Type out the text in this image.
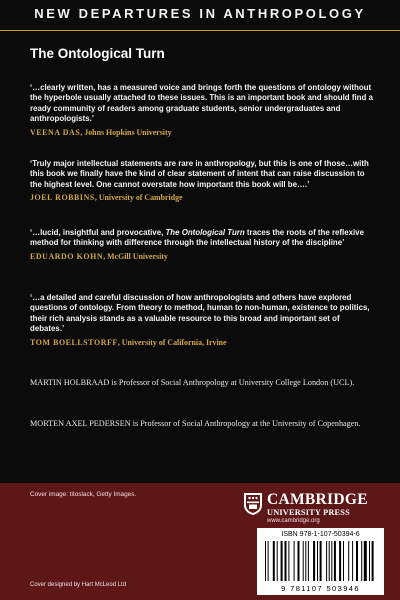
NEW DEPARTURES IN ANTHROPOLOGY
The Ontological Turn

‘…clearly written, has a measured voice and brings forth the questions of ontology without the hyperbole usually attached to these issues. This is an important book and should find a ready community of readers among graduate students, senior undergraduates and anthropologists.’

VEENA DAS, Johns Hopkins University

‘Truly major intellectual statements are rare in anthropology, but this is one of those…with this book we finally have the kind of clear statement of intent that can raise discussion to the highest level. One cannot overstate how important this book will be….’

JOEL ROBBINS, University of Cambridge

‘…lucid, insightful and provocative, The Ontological Turn traces the roots of the reflexive method for thinking with difference through the intellectual history of the discipline’

EDUARDO KOHN, McGill University

‘…a detailed and careful discussion of how anthropologists and others have explored questions of ontology. From theory to method, human to non-human, existence to politics, their rich analysis stands as a valuable resource to this broad and important set of debates.’

TOM BOELLSTORFF, University of California, Irvine
MARTIN HOLBRAAD is Professor of Social Anthropology at University College London (UCL).
MORTEN AXEL PEDERSEN is Professor of Social Anthropology at the University of Copenhagen.
Cover image: titoslack, Getty Images.	CAMBRIDGE
UNIVERSITY PRESS
www.cambridge.org
ISBN 978-1-107-50394-6
9 781107 503946
Cover designed by Hart McLeod Ltd
